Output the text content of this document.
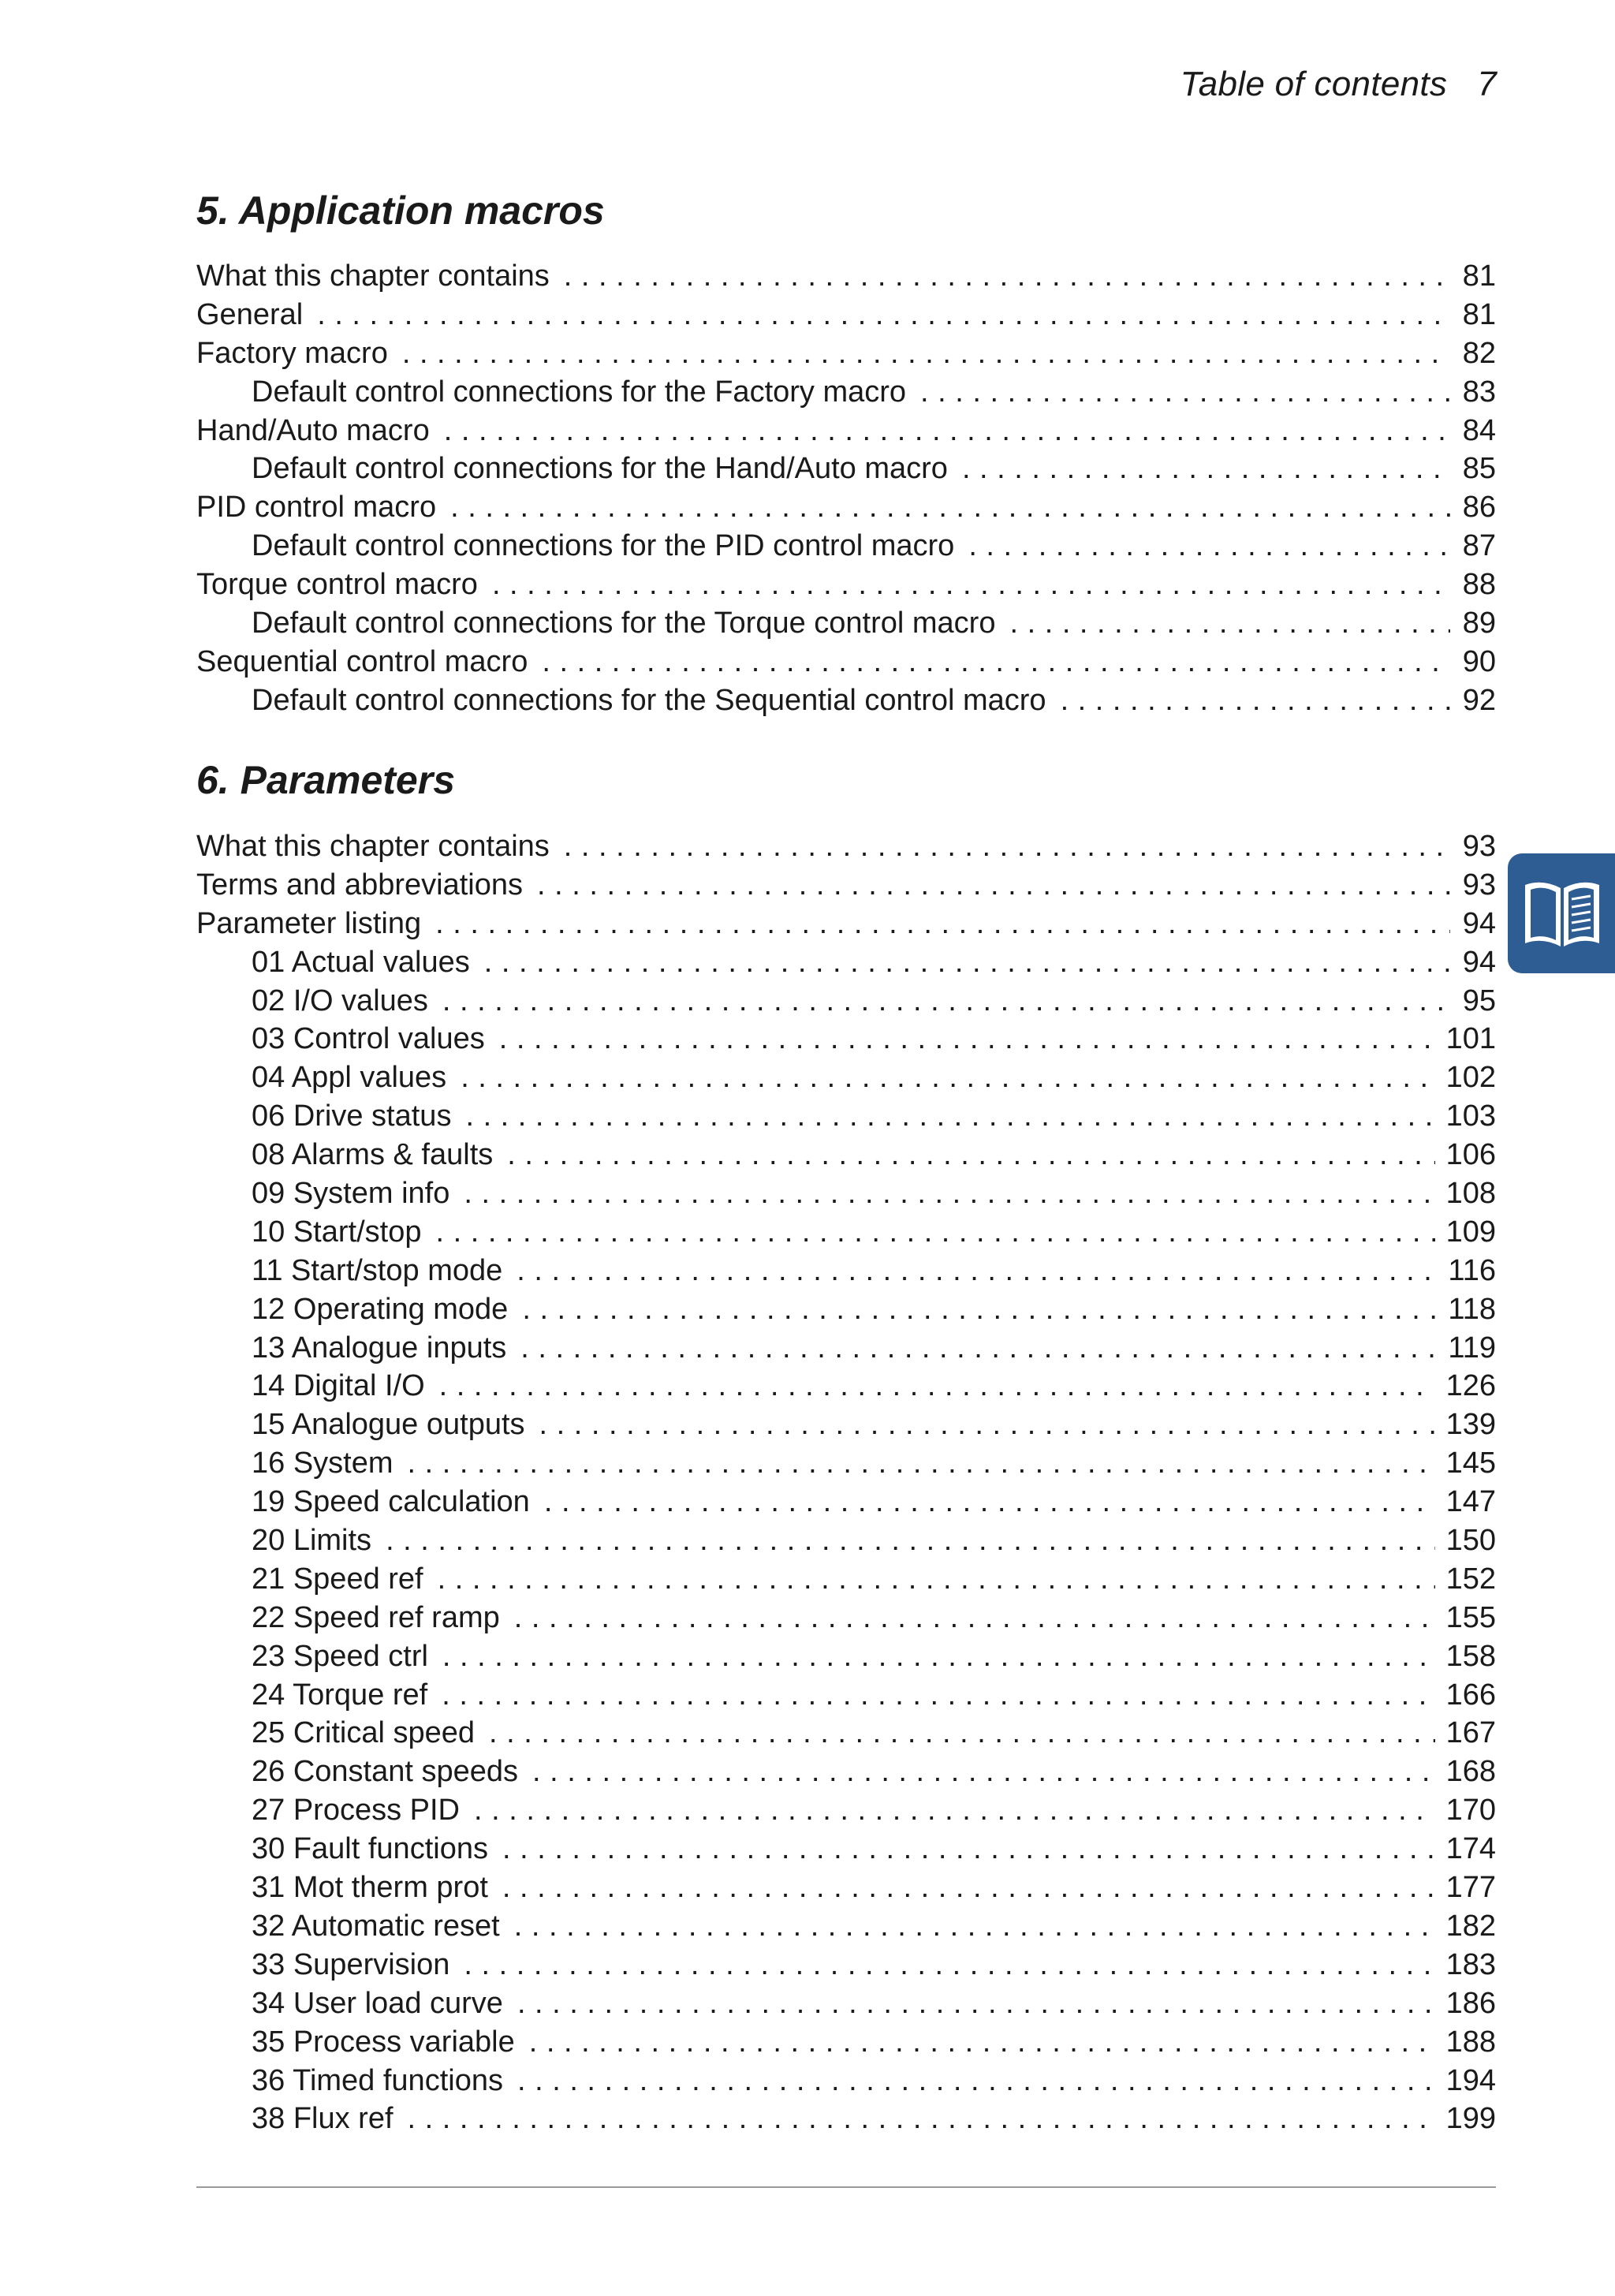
Table of contents 7
5. Application macros
What this chapter contains . . .	81
General . . .	81
Factory macro . . .	82
Default control connections for the Factory macro . . .	83
Hand/Auto macro . . .	84
Default control connections for the Hand/Auto macro . . .	85
PID control macro . . .	86
Default control connections for the PID control macro . . .	87
Torque control macro . . .	88
Default control connections for the Torque control macro . . .	89
Sequential control macro . . .	90
Default control connections for the Sequential control macro . . .	92
6. Parameters
What this chapter contains . . .	93
Terms and abbreviations . . .	93
Parameter listing . . .	94
01 Actual values . . .	94
02 I/O values . . .	95
03 Control values . . .	101
04 Appl values . . .	102
06 Drive status . . .	103
08 Alarms & faults . . .	106
09 System info . . .	108
10 Start/stop . . .	109
11 Start/stop mode . . .	116
12 Operating mode . . .	118
13 Analogue inputs . . .	119
14 Digital I/O . . .	126
15 Analogue outputs . . .	139
16 System . . .	145
19 Speed calculation . . .	147
20 Limits . . .	150
21 Speed ref . . .	152
22 Speed ref ramp . . .	155
23 Speed ctrl . . .	158
24 Torque ref . . .	166
25 Critical speed . . .	167
26 Constant speeds . . .	168
27 Process PID . . .	170
30 Fault functions . . .	174
31 Mot therm prot . . .	177
32 Automatic reset . . .	182
33 Supervision . . .	183
34 User load curve . . .	186
35 Process variable . . .	188
36 Timed functions . . .	194
38 Flux ref . . .	199
